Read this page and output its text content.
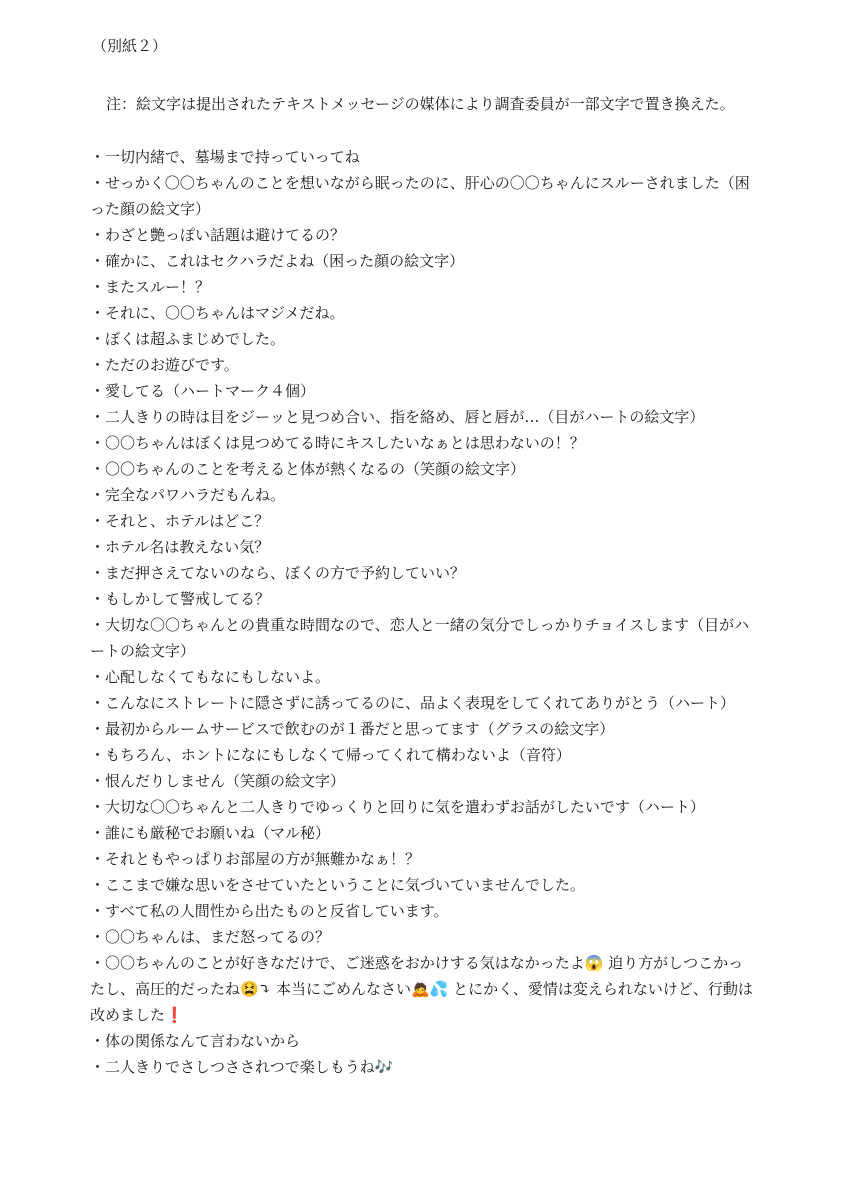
（別紙２）
注：絵文字は提出されたテキストメッセージの媒体により調査委員が一部文字で置き換えた。
・一切内緒で、墓場まで持っていってね
・せっかく〇〇ちゃんのことを想いながら眠ったのに、肝心の〇〇ちゃんにスルーされました（困った顔の絵文字）
・わざと艶っぽい話題は避けてるの？
・確かに、これはセクハラだよね（困った顔の絵文字）
・またスルー！？
・それに、〇〇ちゃんはマジメだね。
・ぼくは超ふまじめでした。
・ただのお遊びです。
・愛してる（ハートマーク４個）
・二人きりの時は目をジーッと見つめ合い、指を絡め、唇と唇が…（目がハートの絵文字）
・〇〇ちゃんはぼくは見つめてる時にキスしたいなぁとは思わないの！？
・〇〇ちゃんのことを考えると体が熱くなるの（笑顔の絵文字）
・完全なパワハラだもんね。
・それと、ホテルはどこ？
・ホテル名は教えない気？
・まだ押さえてないのなら、ぼくの方で予約していい？
・もしかして警戒してる？
・大切な〇〇ちゃんとの貴重な時間なので、恋人と一緒の気分でしっかりチョイスします（目がハートの絵文字）
・心配しなくてもなにもしないよ。
・こんなにストレートに隠さずに誘ってるのに、品よく表現をしてくれてありがとう（ハート）
・最初からルームサービスで飲むのが１番だと思ってます（グラスの絵文字）
・もちろん、ホントになにもしなくて帰ってくれて構わないよ（音符）
・恨んだりしません（笑顔の絵文字）
・大切な〇〇ちゃんと二人きりでゆっくりと回りに気を遣わずお話がしたいです（ハート）
・誰にも厳秘でお願いね（マル秘）
・それともやっぱりお部屋の方が無難かなぁ！？
・ここまで嫌な思いをさせていたということに気づいていませんでした。
・すべて私の人間性から出たものと反省しています。
・〇〇ちゃんは、まだ怒ってるの？
・〇〇ちゃんのことが好きなだけで、ご迷惑をおかけする気はなかったよ😱 迫り方がしつこかったし、高圧的だったね😫⤵ 本当にごめんなさい🙇💦 とにかく、愛情は変えられないけど、行動は改めました❗
・体の関係なんて言わないから
・二人きりでさしつさされつで楽しもうね🎶
